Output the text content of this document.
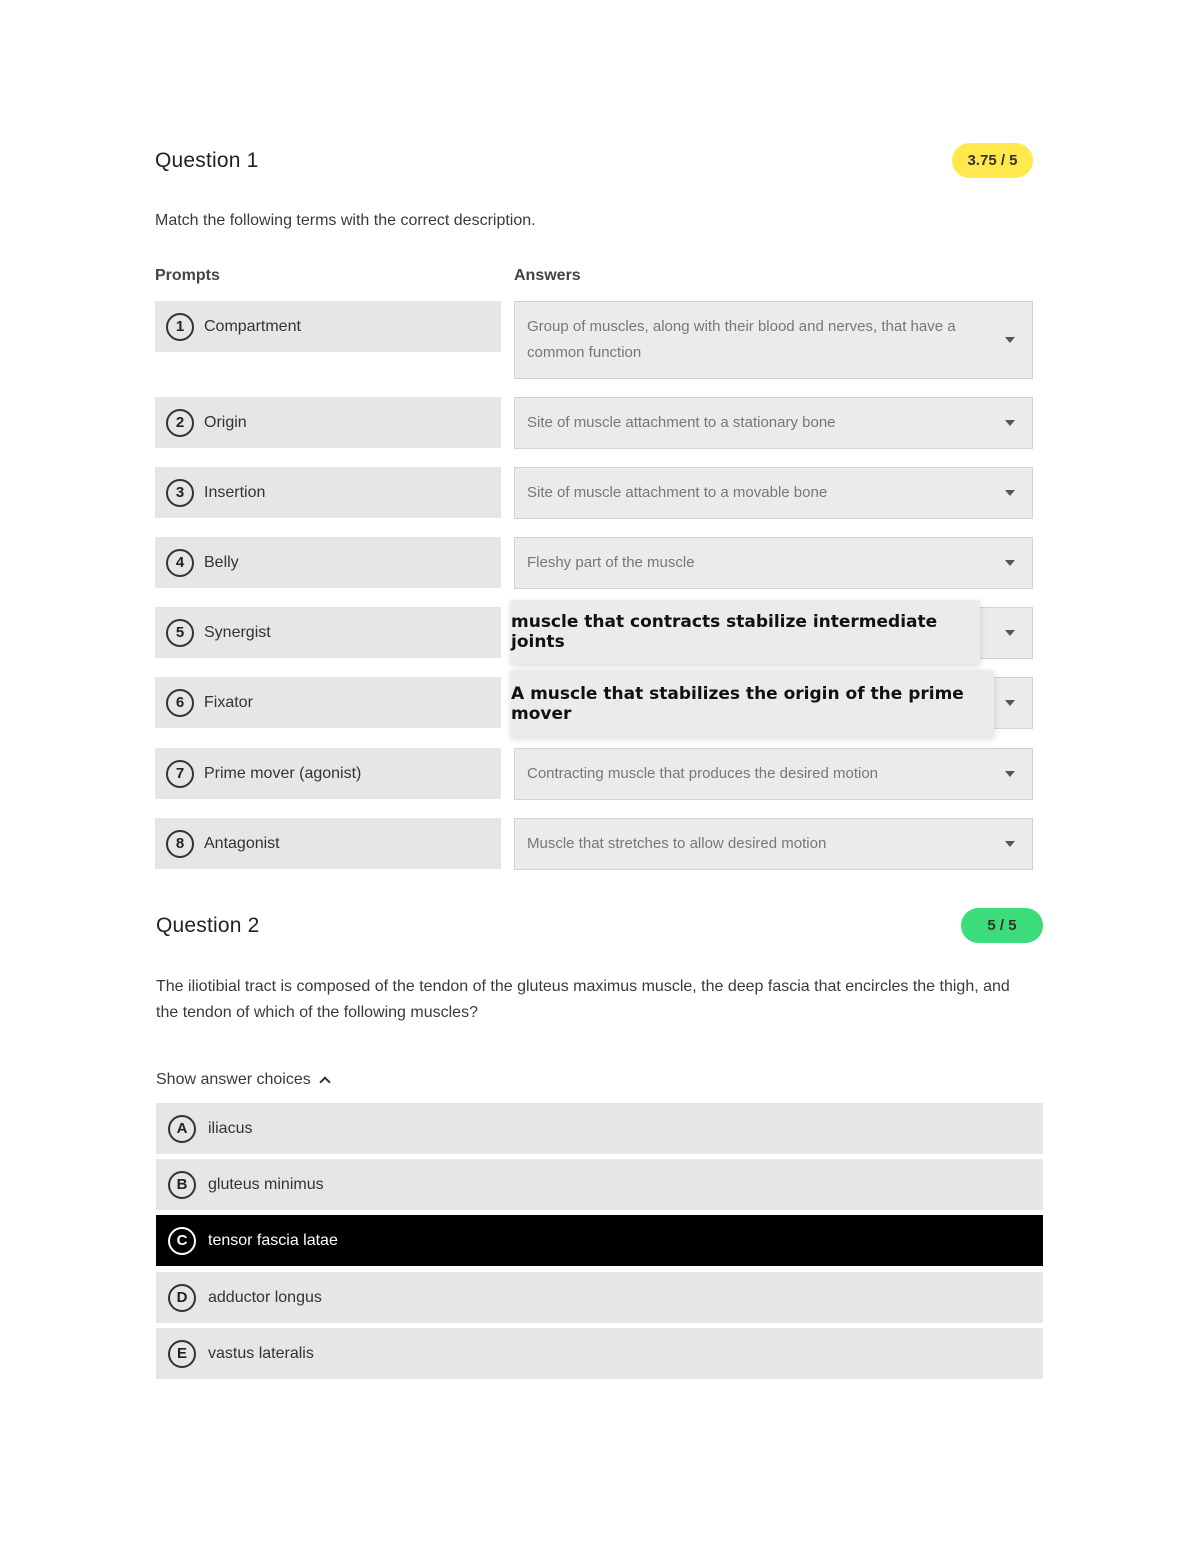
Question 1	3.75 / 5
Match the following terms with the correct description.
Prompts	Answers
1	Compartment	Group of muscles, along with their blood and nerves, that have a common function
2	Origin	Site of muscle attachment to a stationary bone
3	Insertion	Site of muscle attachment to a movable bone
4	Belly	Fleshy part of the muscle
5	Synergist	muscle that contracts stabilize intermediate joints
6	Fixator	A muscle that stabilizes the origin of the prime mover
7	Prime mover (agonist)	Contracting muscle that produces the desired motion
8	Antagonist	Muscle that stretches to allow desired motion
Question 2	5 / 5
The iliotibial tract is composed of the tendon of the gluteus maximus muscle, the deep fascia that encircles the thigh, and the tendon of which of the following muscles?
Show answer choices
A	iliacus
B	gluteus minimus
C	tensor fascia latae
D	adductor longus
E	vastus lateralis
